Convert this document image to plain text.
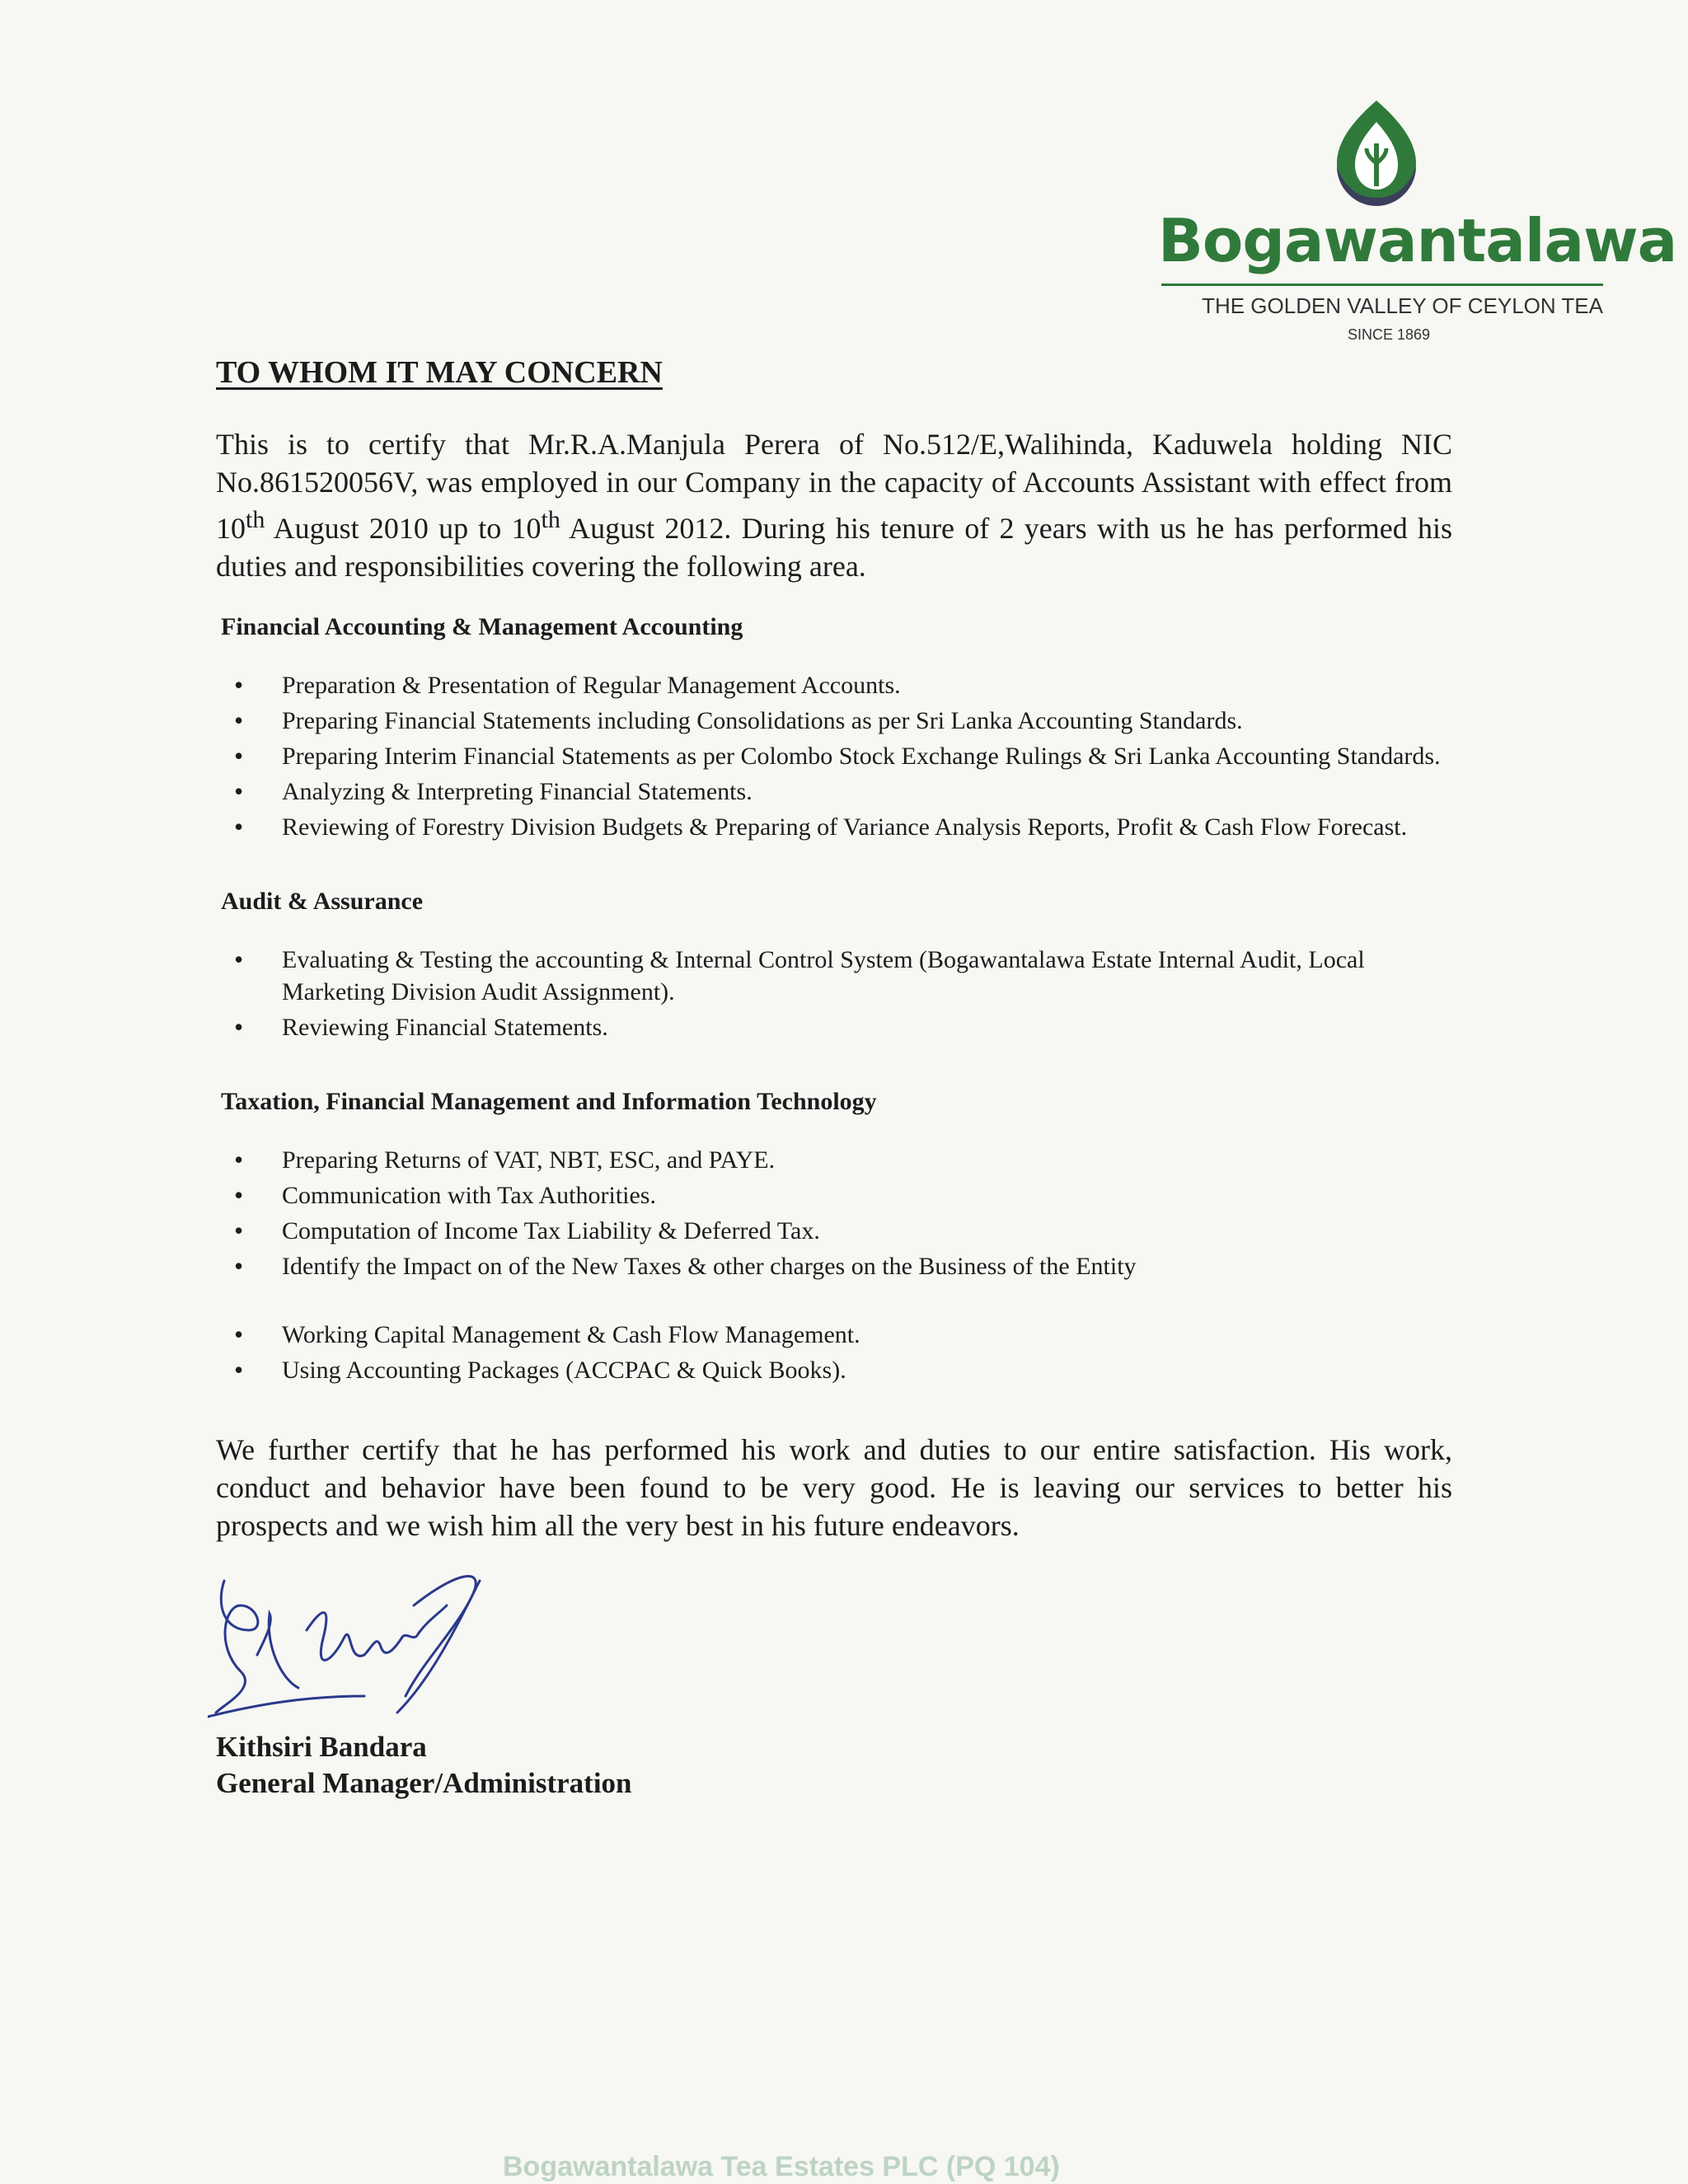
Bogawantalawa
THE GOLDEN VALLEY OF CEYLON TEA
SINCE 1869
TO WHOM IT MAY CONCERN

This is to certify that Mr.R.A.Manjula Perera of No.512/E,Walihinda, Kaduwela holding NIC No.861520056V, was employed in our Company in the capacity of Accounts Assistant with effect from 10th August 2010 up to 10th August 2012. During his tenure of 2 years with us he has performed his duties and responsibilities covering the following area.

Financial Accounting & Management Accounting
• Preparation & Presentation of Regular Management Accounts.
• Preparing Financial Statements including Consolidations as per Sri Lanka Accounting Standards.
• Preparing Interim Financial Statements as per Colombo Stock Exchange Rulings & Sri Lanka Accounting Standards.
• Analyzing & Interpreting Financial Statements.
• Reviewing of Forestry Division Budgets & Preparing of Variance Analysis Reports, Profit & Cash Flow Forecast.
Audit & Assurance
• Evaluating & Testing the accounting & Internal Control System (Bogawantalawa Estate Internal Audit, Local Marketing Division Audit Assignment).
• Reviewing Financial Statements.
Taxation, Financial Management and Information Technology
• Preparing Returns of VAT, NBT, ESC, and PAYE.
• Communication with Tax Authorities.
• Computation of Income Tax Liability & Deferred Tax.
• Identify the Impact on of the New Taxes & other charges on the Business of the Entity
• Working Capital Management & Cash Flow Management.
• Using Accounting Packages (ACCPAC & Quick Books).

We further certify that he has performed his work and duties to our entire satisfaction. His work, conduct and behavior have been found to be very good. He is leaving our services to better his prospects and we wish him all the very best in his future endeavors.

Kithsiri Bandara

General Manager/Administration

Bogawantalawa Tea Estates PLC (PQ 104)
